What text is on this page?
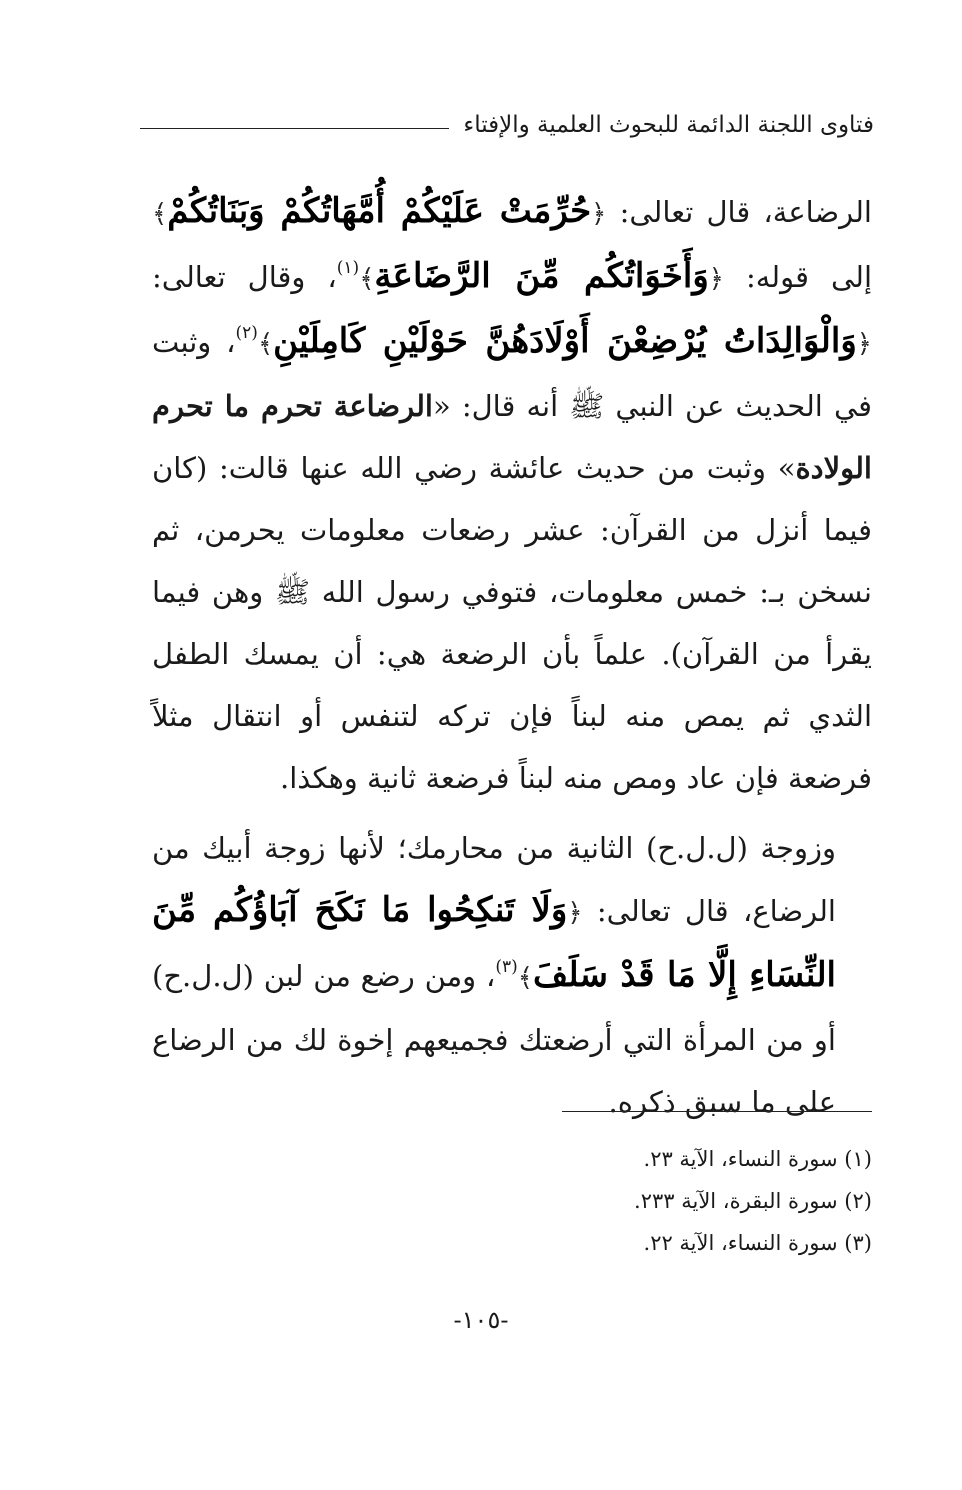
فتاوى اللجنة الدائمة للبحوث العلمية والإفتاء
الرضاعة، قال تعالى: ﴿حُرِّمَتْ عَلَيْكُمْ أُمَّهَاتُكُمْ وَبَنَاتُكُمْ﴾ إلى قوله: ﴿وَأَخَوَاتُكُم مِّنَ الرَّضَاعَةِ﴾$^{(١)}$، وقال تعالى: ﴿وَالْوَالِدَاتُ يُرْضِعْنَ أَوْلَادَهُنَّ حَوْلَيْنِ كَامِلَيْنِ﴾$^{(٢)}$، وثبت في الحديث عن النبي ﷺ أنه قال: «الرضاعة تحرم ما تحرم الولادة» وثبت من حديث عائشة رضي الله عنها قالت: (كان فيما أنزل من القرآن: عشر رضعات معلومات يحرمن، ثم نسخن بـ: خمس معلومات، فتوفي رسول الله ﷺ وهن فيما يقرأ من القرآن). علماً بأن الرضعة هي: أن يمسك الطفل الثدي ثم يمص منه لبناً فإن تركه لتنفس أو انتقال مثلاً فرضعة فإن عاد ومص منه لبناً فرضعة ثانية وهكذا.
وزوجة (ل.ل.ح) الثانية من محارمك؛ لأنها زوجة أبيك من الرضاع، قال تعالى: ﴿وَلَا تَنكِحُوا مَا نَكَحَ آبَاؤُكُم مِّنَ النِّسَاءِ إِلَّا مَا قَدْ سَلَفَ﴾$^{(٣)}$، ومن رضع من لبن (ل.ل.ح) أو من المرأة التي أرضعتك فجميعهم إخوة لك من الرضاع على ما سبق ذكره.
(١) سورة النساء، الآية ٢٣.
(٢) سورة البقرة، الآية ٢٣٣.
(٣) سورة النساء، الآية ٢٢.
-١٠٥-
